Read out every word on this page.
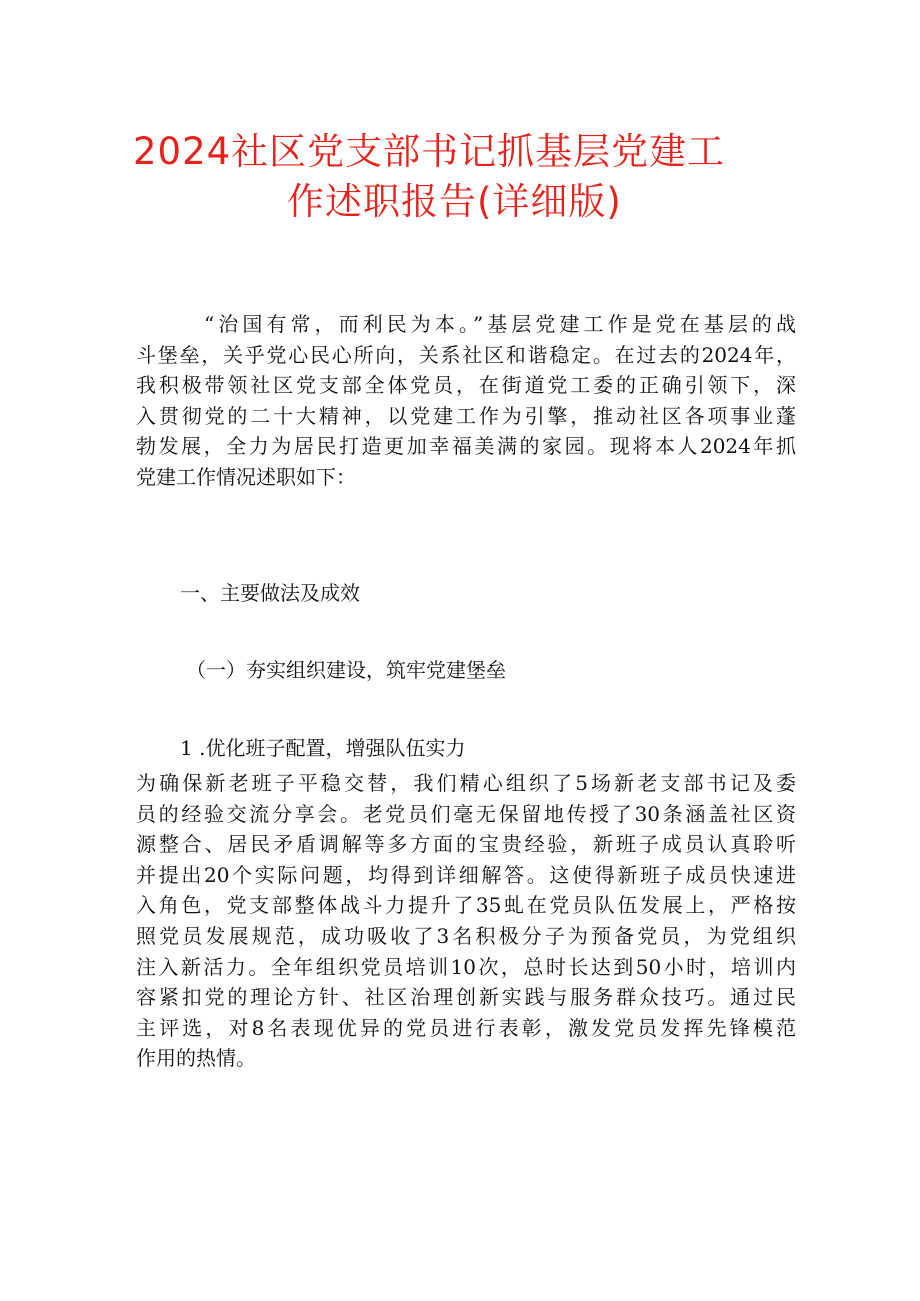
2024社区党支部书记抓基层党建工
作述职报告(详细版)
“治国有常，而利民为本。”基层党建工作是党在基层的战
斗堡垒，关乎党心民心所向，关系社区和谐稳定。在过去的2024年，
我积极带领社区党支部全体党员，在街道党工委的正确引领下，深
入贯彻党的二十大精神，以党建工作为引擎，推动社区各项事业蓬
勃发展，全力为居民打造更加幸福美满的家园。现将本人2024年抓
党建工作情况述职如下：
一、主要做法及成效
（一）夯实组织建设，筑牢党建堡垒
1 .优化班子配置，增强队伍实力
为确保新老班子平稳交替，我们精心组织了5场新老支部书记及委
员的经验交流分享会。老党员们毫无保留地传授了30条涵盖社区资
源整合、居民矛盾调解等多方面的宝贵经验，新班子成员认真聆听
并提出20个实际问题，均得到详细解答。这使得新班子成员快速进
入角色，党支部整体战斗力提升了35虬在党员队伍发展上，严格按
照党员发展规范，成功吸收了3名积极分子为预备党员，为党组织
注入新活力。全年组织党员培训10次，总时长达到50小时，培训内
容紧扣党的理论方针、社区治理创新实践与服务群众技巧。通过民
主评选，对8名表现优异的党员进行表彰，激发党员发挥先锋模范
作用的热情。
